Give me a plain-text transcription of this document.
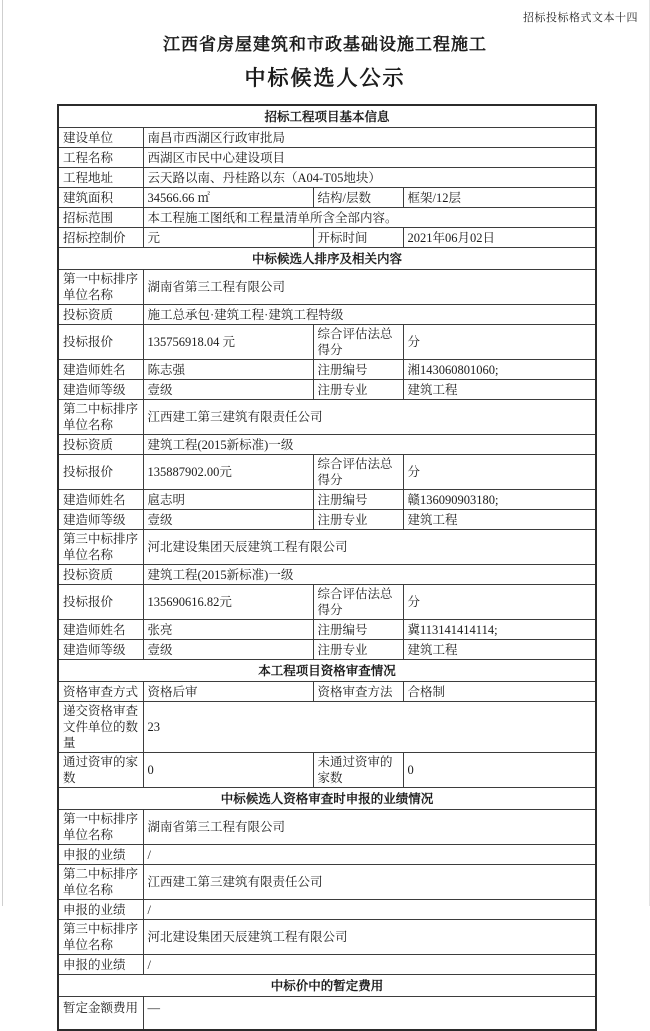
招标投标格式文本十四
江西省房屋建筑和市政基础设施工程施工
中标候选人公示
招标工程项目基本信息			
建设单位	南昌市西湖区行政审批局		
工程名称	西湖区市民中心建设项目		
工程地址	云天路以南、丹桂路以东（A04-T05地块）		
建筑面积	34566.66 ㎡	结构/层数	框架/12层
招标范围	本工程施工图纸和工程量清单所含全部内容。		
招标控制价	元	开标时间	2021年06月02日
中标候选人排序及相关内容			
第一中标排序单位名称	湖南省第三工程有限公司		
投标资质	施工总承包·建筑工程·建筑工程特级		
投标报价	135756918.04 元	综合评估法总得分	分
建造师姓名	陈志强	注册编号	湘143060801060;
建造师等级	壹级	注册专业	建筑工程
第二中标排序单位名称	江西建工第三建筑有限责任公司		
投标资质	建筑工程(2015新标准)一级		
投标报价	135887902.00元	综合评估法总得分	分
建造师姓名	扈志明	注册编号	赣136090903180;
建造师等级	壹级	注册专业	建筑工程
第三中标排序单位名称	河北建设集团天辰建筑工程有限公司		
投标资质	建筑工程(2015新标准)一级		
投标报价	135690616.82元	综合评估法总得分	分
建造师姓名	张亮	注册编号	冀113141414114;
建造师等级	壹级	注册专业	建筑工程
本工程项目资格审查情况			
资格审查方式	资格后审	资格审查方法	合格制
递交资格审查文件单位的数量	23		
通过资审的家数	0	未通过资审的家数	0
中标候选人资格审查时申报的业绩情况			
第一中标排序单位名称	湖南省第三工程有限公司		
申报的业绩	/		
第二中标排序单位名称	江西建工第三建筑有限责任公司		
申报的业绩	/		
第三中标排序单位名称	河北建设集团天辰建筑工程有限公司		
申报的业绩	/		
中标价中的暂定费用			
暂定金额费用	—		
